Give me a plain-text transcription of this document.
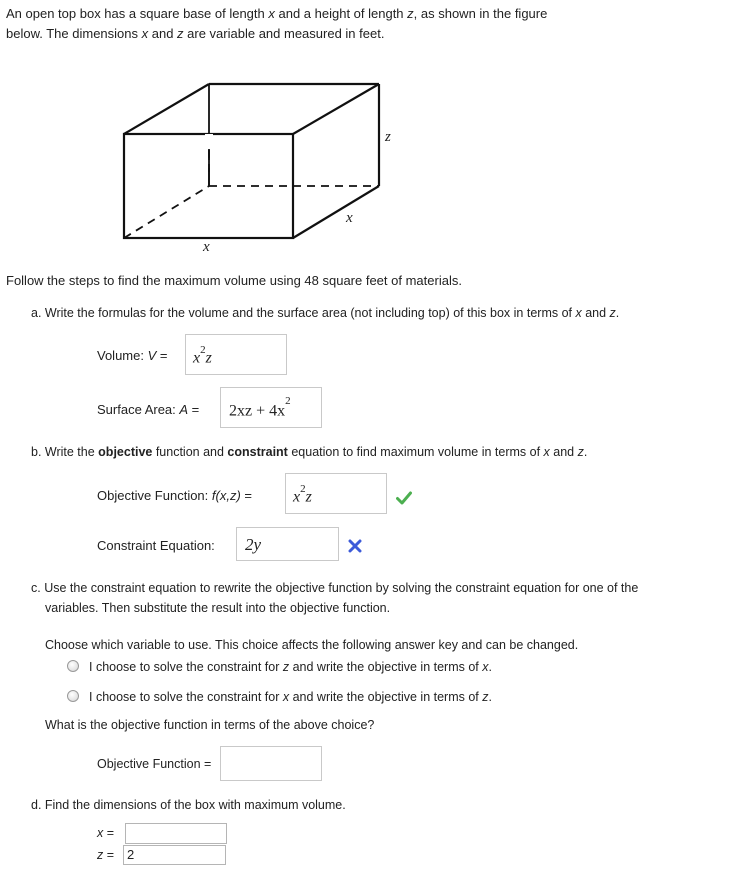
An open top box has a square base of length x and a height of length z, as shown in the figure
below. The dimensions x and z are variable and measured in feet.
z
x
x
Follow the steps to find the maximum volume using 48 square feet of materials.
a. Write the formulas for the volume and the surface area (not including top) of this box in terms of x and z.
Volume: $V = x^2z$
Surface Area: $A = 2xz + 4x^2$
b. Write the objective function and constraint equation to find maximum volume in terms of x and z.
Objective Function: f(x,z) =	$x^2z$
Constraint Equation: 2y
c. Use the constraint equation to rewrite the objective function by solving the constraint equation for one of the
variables. Then substitute the result into the objective function.
Choose which variable to use. This choice affects the following answer key and can be changed.
I choose to solve the constraint for z and write the objective in terms of x.
I choose to solve the constraint for x and write the objective in terms of z.
What is the objective function in terms of the above choice?
Objective Function =
d. Find the dimensions of the box with maximum volume.
x =
z = 2
